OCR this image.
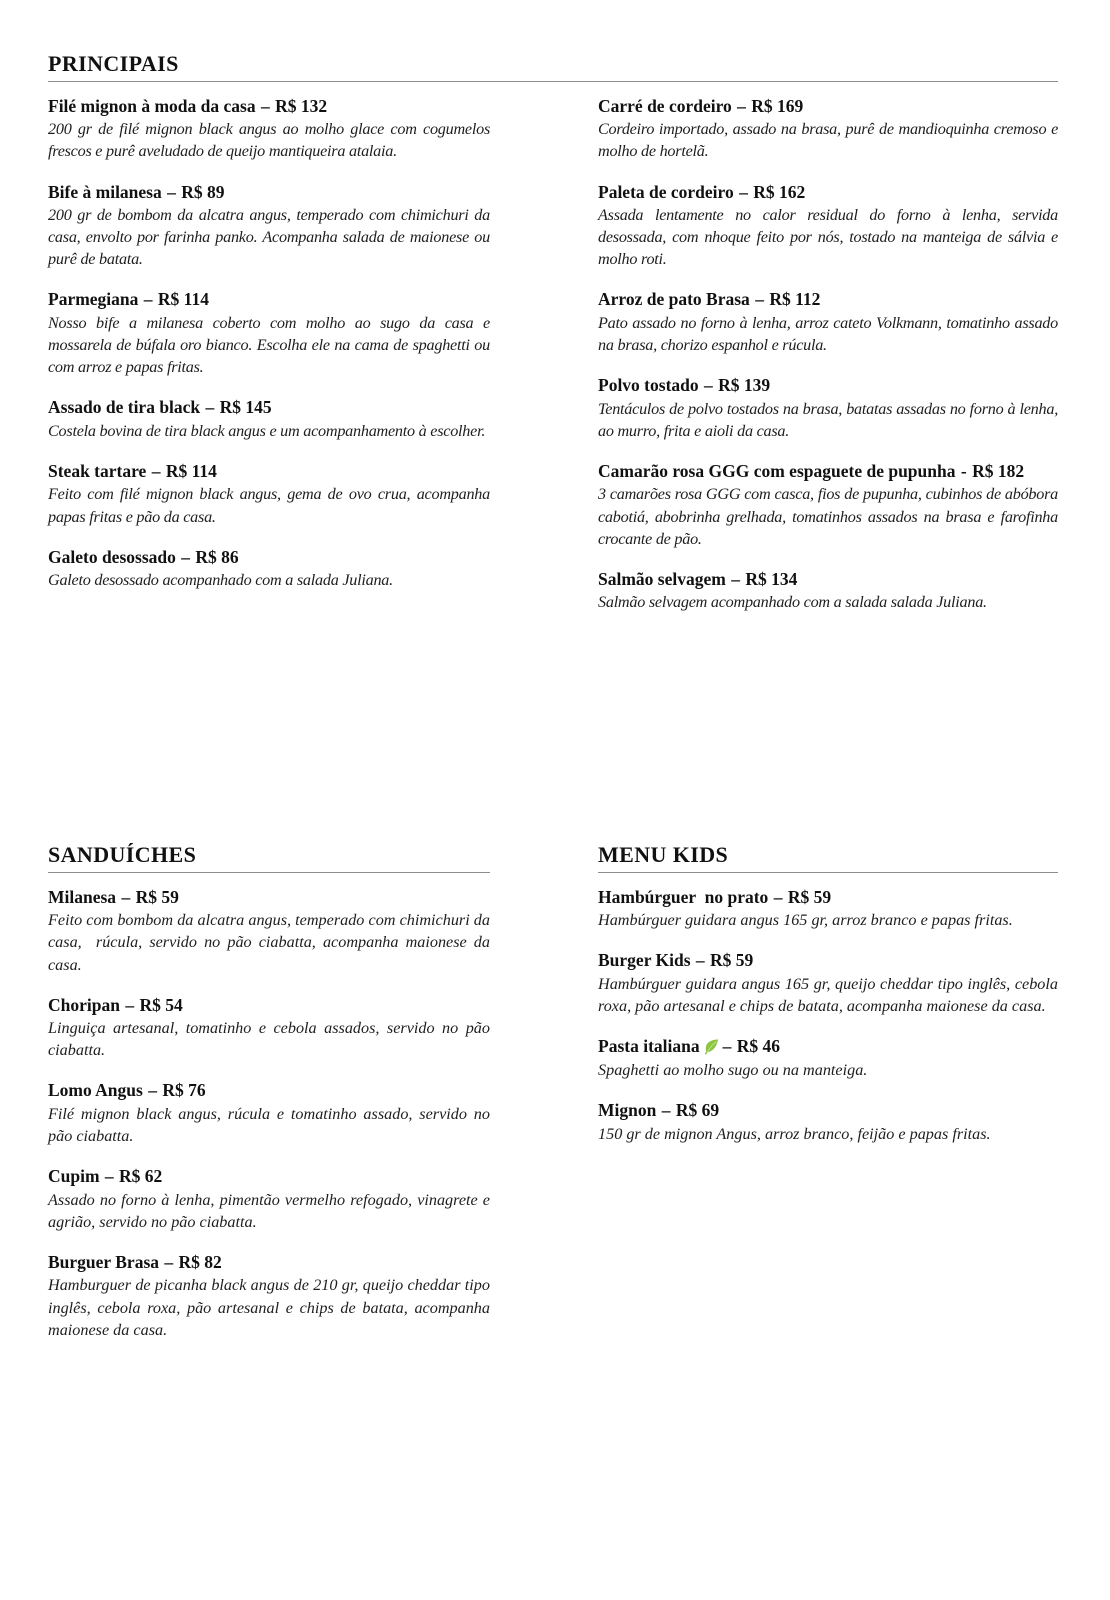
PRINCIPAIS
Filé mignon à moda da casa – R$ 132
200 gr de filé mignon black angus ao molho glace com cogumelos frescos e purê aveludado de queijo mantiqueira atalaia.
Bife à milanesa – R$ 89
200 gr de bombom da alcatra angus, temperado com chimichuri da casa, envolto por farinha panko. Acompanha salada de maionese ou purê de batata.
Parmegiana – R$ 114
Nosso bife a milanesa coberto com molho ao sugo da casa e mossarela de búfala oro bianco. Escolha ele na cama de spaghetti ou com arroz e papas fritas.
Assado de tira black – R$ 145
Costela bovina de tira black angus e um acompanhamento à escolher.
Steak tartare – R$ 114
Feito com filé mignon black angus, gema de ovo crua, acompanha papas fritas e pão da casa.
Galeto desossado – R$ 86
Galeto desossado acompanhado com a salada Juliana.
Carré de cordeiro – R$ 169
Cordeiro importado, assado na brasa, purê de mandioquinha cremoso e molho de hortelã.
Paleta de cordeiro – R$ 162
Assada lentamente no calor residual do forno à lenha, servida desossada, com nhoque feito por nós, tostado na manteiga de sálvia e molho roti.
Arroz de pato Brasa – R$ 112
Pato assado no forno à lenha, arroz cateto Volkmann, tomatinho assado na brasa, chorizo espanhol e rúcula.
Polvo tostado – R$ 139
Tentáculos de polvo tostados na brasa, batatas assadas no forno à lenha, ao murro, frita e aioli da casa.
Camarão rosa GGG com espaguete de pupunha - R$ 182
3 camarões rosa GGG com casca, fios de pupunha, cubinhos de abóbora cabotiá, abobrinha grelhada, tomatinhos assados na brasa e farofinha crocante de pão.
Salmão selvagem – R$ 134
Salmão selvagem acompanhado com a salada salada Juliana.
SANDUÍCHES
Milanesa – R$ 59
Feito com bombom da alcatra angus, temperado com chimichuri da casa,  rúcula, servido no pão ciabatta, acompanha maionese da casa.
Choripan – R$ 54
Linguiça artesanal, tomatinho e cebola assados, servido no pão ciabatta.
Lomo Angus – R$ 76
Filé mignon black angus, rúcula e tomatinho assado, servido no pão ciabatta.
Cupim – R$ 62
Assado no forno à lenha, pimentão vermelho refogado, vinagrete e agrião, servido no pão ciabatta.
Burguer Brasa – R$ 82
Hamburguer de picanha black angus de 210 gr, queijo cheddar tipo inglês, cebola roxa, pão artesanal e chips de batata, acompanha maionese da casa.
MENU KIDS
Hambúrguer  no prato – R$ 59
Hambúrguer guidara angus 165 gr, arroz branco e papas fritas.
Burger Kids – R$ 59
Hambúrguer guidara angus 165 gr, queijo cheddar tipo inglês, cebola roxa, pão artesanal e chips de batata, acompanha maionese da casa.
Pasta italiana – R$ 46
Spaghetti ao molho sugo ou na manteiga.
Mignon – R$ 69
150 gr de mignon Angus, arroz branco, feijão e papas fritas.
